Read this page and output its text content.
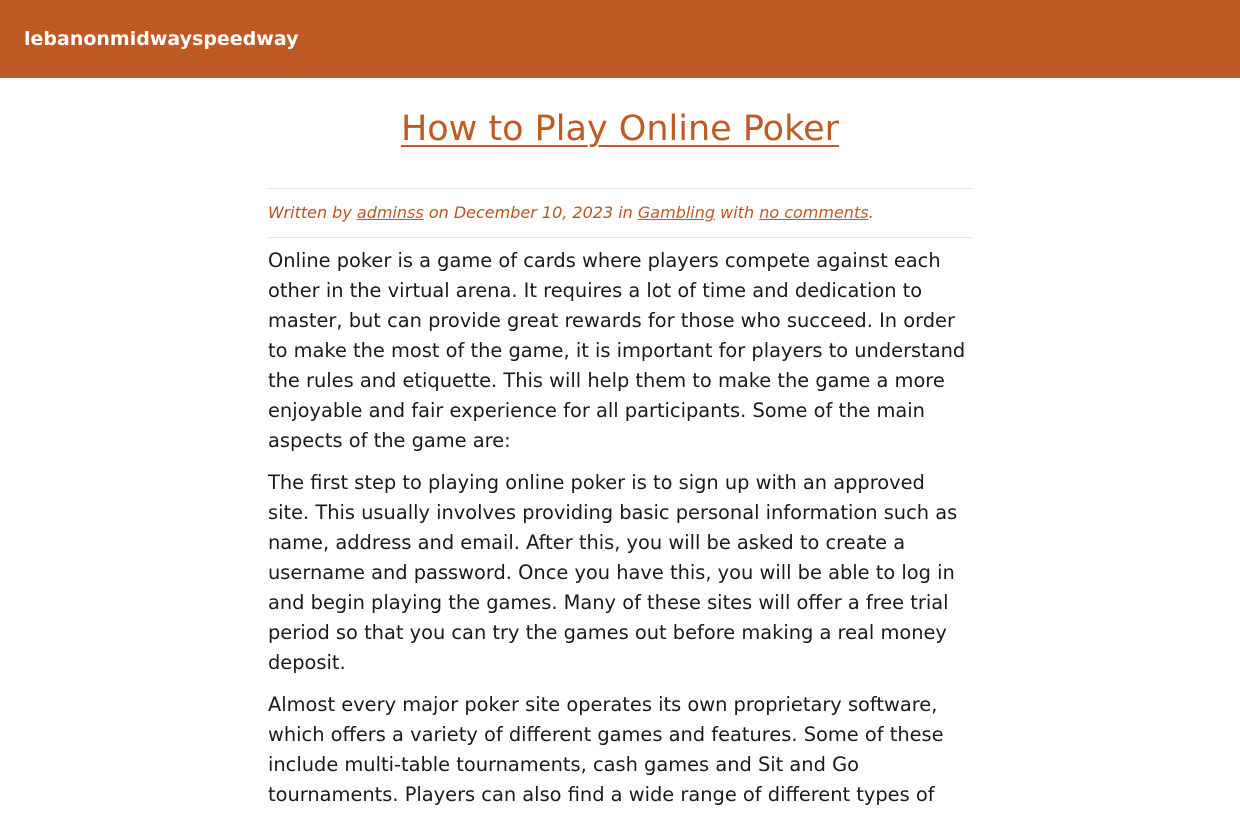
lebanonmidwayspeedway
How to Play Online Poker
Written by adminss on December 10, 2023 in Gambling with no comments.

Online poker is a game of cards where players compete against each other in the virtual arena. It requires a lot of time and dedication to master, but can provide great rewards for those who succeed. In order to make the most of the game, it is important for players to understand the rules and etiquette. This will help them to make the game a more enjoyable and fair experience for all participants. Some of the main aspects of the game are:

The first step to playing online poker is to sign up with an approved site. This usually involves providing basic personal information such as name, address and email. After this, you will be asked to create a username and password. Once you have this, you will be able to log in and begin playing the games. Many of these sites will offer a free trial period so that you can try the games out before making a real money deposit.

Almost every major poker site operates its own proprietary software, which offers a variety of different games and features. Some of these include multi-table tournaments, cash games and Sit and Go tournaments. Players can also find a wide range of different types of
